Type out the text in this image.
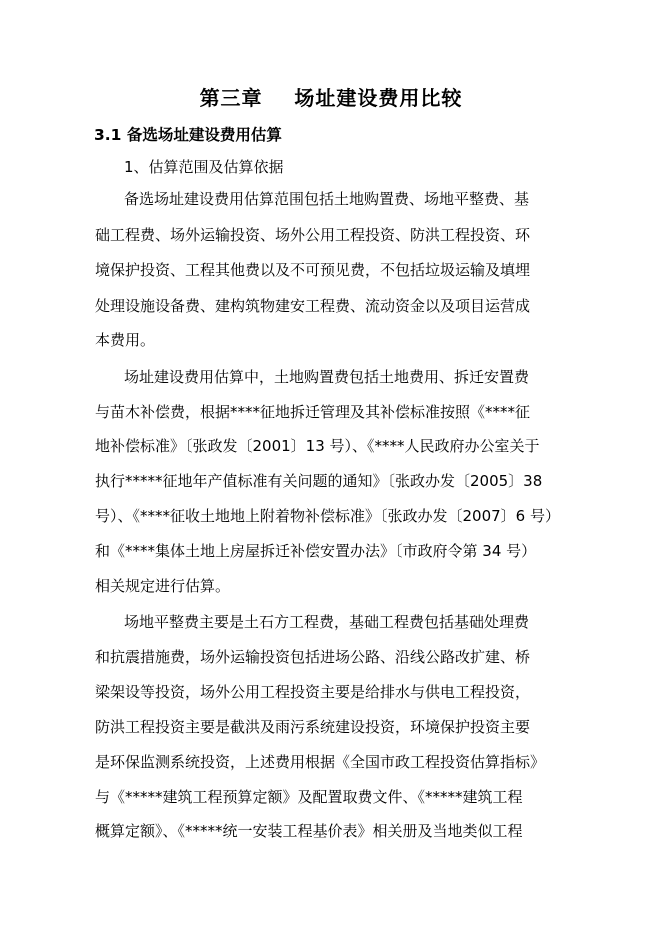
第三章    场址建设费用比较
3.1 备选场址建设费用估算
1、估算范围及估算依据
备选场址建设费用估算范围包括土地购置费、场地平整费、基
础工程费、场外运输投资、场外公用工程投资、防洪工程投资、环
境保护投资、工程其他费以及不可预见费，不包括垃圾运输及填埋
处理设施设备费、建构筑物建安工程费、流动资金以及项目运营成
本费用。
场址建设费用估算中，土地购置费包括土地费用、拆迁安置费
与苗木补偿费，根据****征地拆迁管理及其补偿标准按照《****征
地补偿标准》〔张政发〔2001〕13 号）、《****人民政府办公室关于
执行*****征地年产值标准有关问题的通知》〔张政办发〔2005〕38
号）、《****征收土地地上附着物补偿标准》〔张政办发〔2007〕6 号）
和《****集体土地上房屋拆迁补偿安置办法》〔市政府令第 34 号）
相关规定进行估算。
场地平整费主要是土石方工程费，基础工程费包括基础处理费
和抗震措施费，场外运输投资包括进场公路、沿线公路改扩建、桥
梁架设等投资，场外公用工程投资主要是给排水与供电工程投资，
防洪工程投资主要是截洪及雨污系统建设投资，环境保护投资主要
是环保监测系统投资，上述费用根据《全国市政工程投资估算指标》
与《*****建筑工程预算定额》及配置取费文件、《*****建筑工程
概算定额》、《*****统一安装工程基价表》相关册及当地类似工程
